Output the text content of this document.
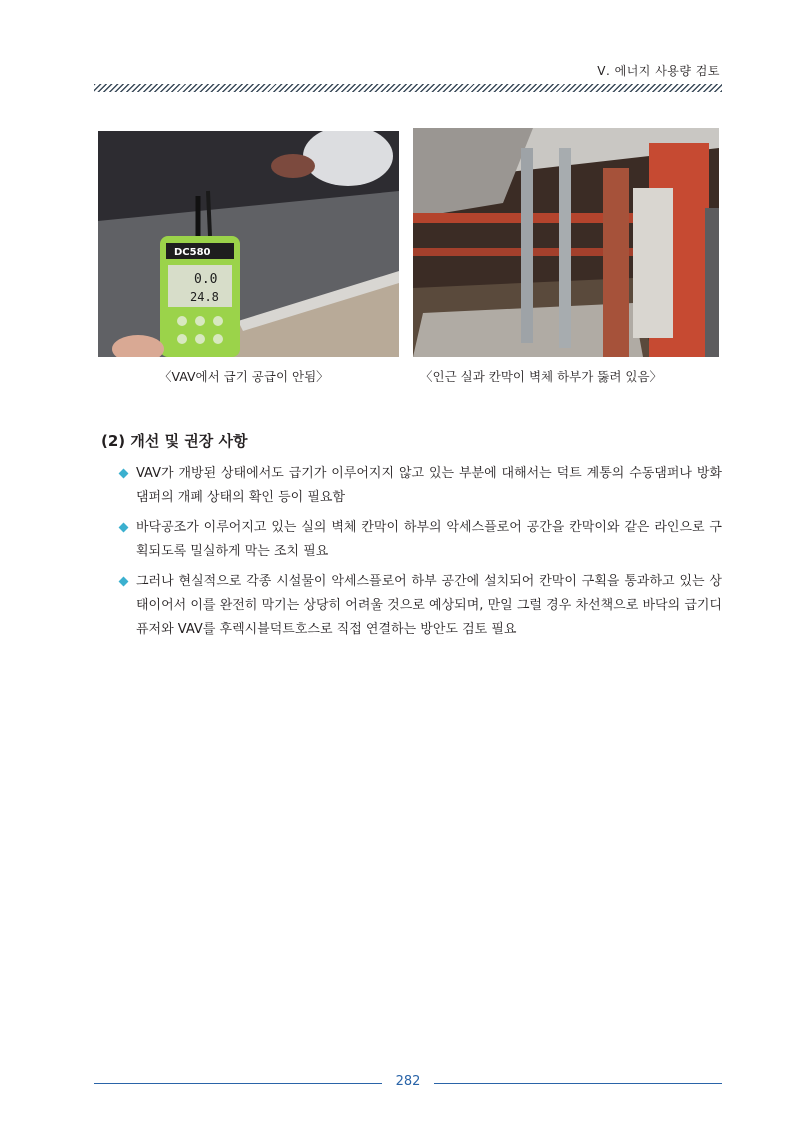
Ⅴ. 에너지 사용량 검토
DC580
0.0
24.8
〈VAV에서 급기 공급이 안됨〉	〈인근 실과 칸막이 벽체 하부가 뚫려 있음〉
(2) 개선 및 권장 사항
VAV가 개방된 상태에서도 급기가 이루어지지 않고 있는 부분에 대해서는 덕트 계통의 수동댐퍼나 방화댐퍼의 개폐 상태의 확인 등이 필요함
바닥공조가 이루어지고 있는 실의 벽체 칸막이 하부의 악세스플로어 공간을 칸막이와 같은 라인으로 구획되도록 밀실하게 막는 조치 필요
그러나 현실적으로 각종 시설물이 악세스플로어 하부 공간에 설치되어 칸막이 구획을 통과하고 있는 상태이어서 이를 완전히 막기는 상당히 어려울 것으로 예상되며, 만일 그럴 경우 차선책으로 바닥의 급기디퓨저와 VAV를 후렉시블덕트호스로 직접 연결하는 방안도 검토 필요
282
